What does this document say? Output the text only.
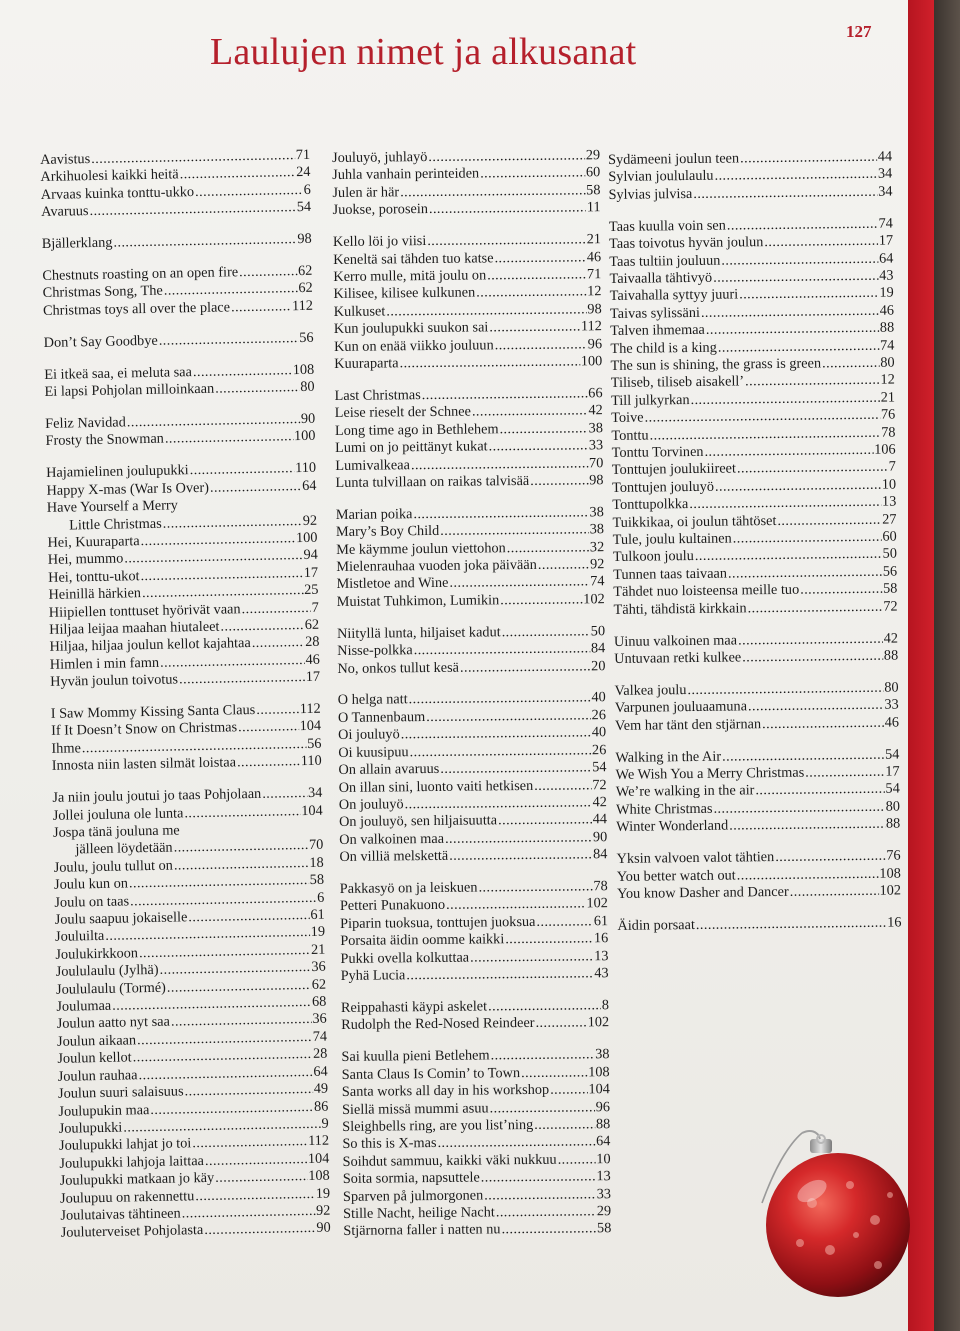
127
Laulujen nimet ja alkusanat
Aavistus .....	71
Arkihuolesi kaikki heitä .....	24
Arvaas kuinka tonttu-ukko .....	6
Avaruus .....	54
Bjällerklang .....	98
Chestnuts roasting on an open fire .....	62
Christmas Song, The .....	62
Christmas toys all over the place .....	112
Don’t Say Goodbye .....	56
Ei itkeä saa, ei meluta saa .....	108
Ei lapsi Pohjolan milloinkaan .....	80
Feliz Navidad .....	90
Frosty the Snowman .....	100
Hajamielinen joulupukki .....	110
Happy X-mas (War Is Over) .....	64
Have Yourself a Merry
Little Christmas .....	92
Hei, Kuuraparta .....	100
Hei, mummo .....	94
Hei, tonttu-ukot .....	17
Heinillä härkien .....	25
Hiipiellen tonttuset hyörivät vaan .....	7
Hiljaa leijaa maahan hiutaleet .....	62
Hiljaa, hiljaa joulun kellot kajahtaa .....	28
Himlen i min famn .....	46
Hyvän joulun toivotus .....	17
I Saw Mommy Kissing Santa Claus .....	112
If It Doesn’t Snow on Christmas .....	104
Ihme .....	56
Innosta niin lasten silmät loistaa .....	110
Ja niin joulu joutui jo taas Pohjolaan .....	34
Jollei jouluna ole lunta .....	104
Jospa tänä jouluna me
jälleen löydetään .....	70
Joulu, joulu tullut on .....	18
Joulu kun on .....	58
Joulu on taas .....	6
Joulu saapuu jokaiselle .....	61
Jouluilta .....	19
Joulukirkkoon .....	21
Joululaulu (Jylhä) .....	36
Joululaulu (Tormé) .....	62
Joulumaa .....	68
Joulun aatto nyt saa .....	36
Joulun aikaan .....	74
Joulun kellot .....	28
Joulun rauhaa .....	64
Joulun suuri salaisuus .....	49
Joulupukin maa .....	86
Joulupukki .....	9
Joulupukki lahjat jo toi .....	112
Joulupukki lahjoja laittaa .....	104
Joulupukki matkaan jo käy .....	108
Joulupuu on rakennettu .....	19
Joulutaivas tähtineen .....	92
Jouluterveiset Pohjolasta .....	90
Jouluyö, juhlayö .....	29
Juhla vanhain perinteiden .....	60
Julen är här .....	58
Juokse, porosein .....	11
Kello löi jo viisi .....	21
Keneltä sai tähden tuo katse .....	46
Kerro mulle, mitä joulu on .....	71
Kilisee, kilisee kulkunen .....	12
Kulkuset .....	98
Kun joulupukki suukon sai .....	112
Kun on enää viikko jouluun .....	96
Kuuraparta .....	100
Last Christmas .....	66
Leise rieselt der Schnee .....	42
Long time ago in Bethlehem .....	38
Lumi on jo peittänyt kukat .....	33
Lumivalkeaa .....	70
Lunta tulvillaan on raikas talvisää .....	98
Marian poika .....	38
Mary’s Boy Child .....	38
Me käymme joulun viettohon .....	32
Mielenrauhaa vuoden joka päivään .....	92
Mistletoe and Wine .....	74
Muistat Tuhkimon, Lumikin .....	102
Niityllä lunta, hiljaiset kadut .....	50
Nisse-polkka .....	84
No, onkos tullut kesä .....	20
O helga natt .....	40
O Tannenbaum .....	26
Oi jouluyö .....	40
Oi kuusipuu .....	26
On allain avaruus .....	54
On illan sini, luonto vaiti hetkisen .....	72
On jouluyö .....	42
On jouluyö, sen hiljaisuutta .....	44
On valkoinen maa .....	90
On villiä melskettä .....	84
Pakkasyö on ja leiskuen .....	78
Petteri Punakuono .....	102
Piparin tuoksua, tonttujen juoksua .....	61
Porsaita äidin oomme kaikki .....	16
Pukki ovella kolkuttaa .....	13
Pyhä Lucia .....	43
Reippahasti käypi askelet .....	8
Rudolph the Red-Nosed Reindeer .....	102
Sai kuulla pieni Betlehem .....	38
Santa Claus Is Comin’ to Town .....	108
Santa works all day in his workshop .....	104
Siellä missä mummi asuu .....	96
Sleighbells ring, are you list’ning .....	88
So this is X-mas .....	64
Soihdut sammuu, kaikki väki nukkuu .....	10
Soita sormia, napsuttele .....	13
Sparven på julmorgonen .....	33
Stille Nacht, heilige Nacht .....	29
Stjärnorna faller i natten nu .....	58
Sydämeeni joulun teen .....	44
Sylvian joululaulu .....	34
Sylvias julvisa .....	34
Taas kuulla voin sen .....	74
Taas toivotus hyvän joulun .....	17
Taas tultiin jouluun .....	64
Taivaalla tähtivyö .....	43
Taivahalla syttyy juuri .....	19
Taivas sylissäni .....	46
Talven ihmemaa .....	88
The child is a king .....	74
The sun is shining, the grass is green .....	80
Tiliseb, tiliseb aisakell’ .....	12
Till julkyrkan .....	21
Toive .....	76
Tonttu .....	78
Tonttu Torvinen .....	106
Tonttujen joulukiireet .....	7
Tonttujen jouluyö .....	10
Tonttupolkka .....	13
Tuikkikaa, oi joulun tähtöset .....	27
Tule, joulu kultainen .....	60
Tulkoon joulu .....	50
Tunnen taas taivaan .....	56
Tähdet nuo loisteensa meille tuo .....	58
Tähti, tähdistä kirkkain .....	72
Uinuu valkoinen maa .....	42
Untuvaan retki kulkee .....	88
Valkea joulu .....	80
Varpunen jouluaamuna .....	33
Vem har tänt den stjärnan .....	46
Walking in the Air .....	54
We Wish You a Merry Christmas .....	17
We’re walking in the air .....	54
White Christmas .....	80
Winter Wonderland .....	88
Yksin valvoen valot tähtien .....	76
You better watch out .....	108
You know Dasher and Dancer .....	102
Äidin porsaat .....	16
